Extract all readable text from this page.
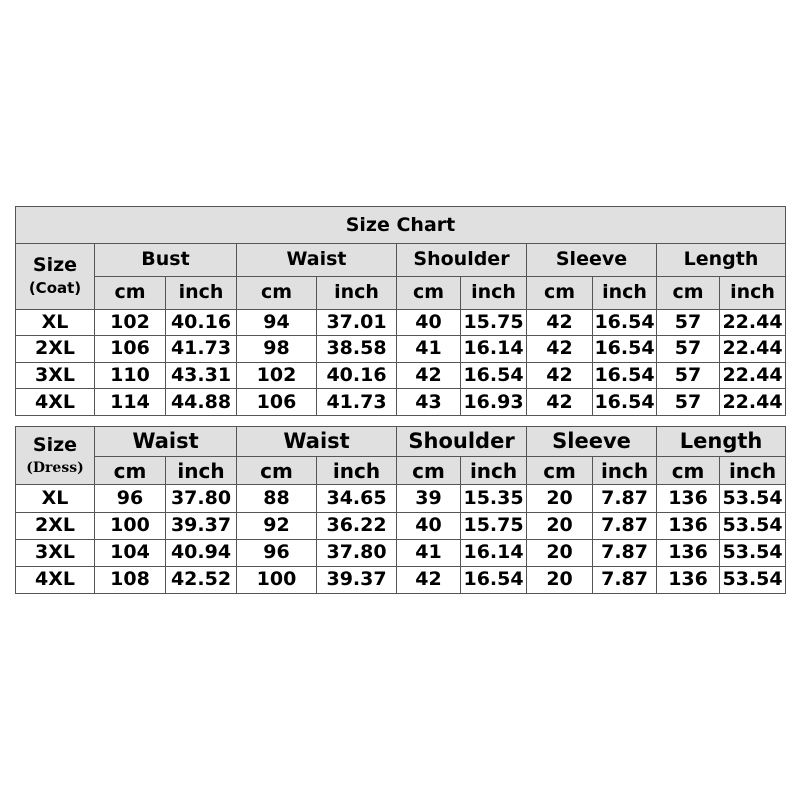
Size Chart										
Size
(Coat)	Bust		Waist		Shoulder		Sleeve		Length	
	cm	inch	cm	inch	cm	inch	cm	inch	cm	inch
XL	102	40.16	94	37.01	40	15.75	42	16.54	57	22.44
2XL	106	41.73	98	38.58	41	16.14	42	16.54	57	22.44
3XL	110	43.31	102	40.16	42	16.54	42	16.54	57	22.44
4XL	114	44.88	106	41.73	43	16.93	42	16.54	57	22.44
Size
(Dress)	Waist		Waist		Shoulder		Sleeve		Length	
	cm	inch	cm	inch	cm	inch	cm	inch	cm	inch
XL	96	37.80	88	34.65	39	15.35	20	7.87	136	53.54
2XL	100	39.37	92	36.22	40	15.75	20	7.87	136	53.54
3XL	104	40.94	96	37.80	41	16.14	20	7.87	136	53.54
4XL	108	42.52	100	39.37	42	16.54	20	7.87	136	53.54
